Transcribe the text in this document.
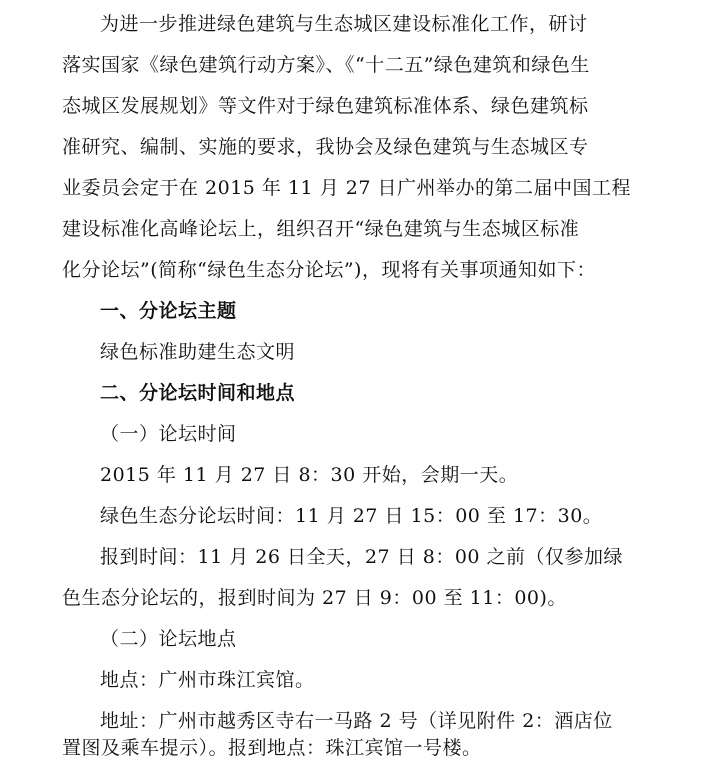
为进一步推进绿色建筑与生态城区建设标准化工作，研讨
落实国家《绿色建筑行动方案》、《“十二五”绿色建筑和绿色生
态城区发展规划》等文件对于绿色建筑标准体系、绿色建筑标
准研究、编制、实施的要求，我协会及绿色建筑与生态城区专
业委员会定于在 2015 年 11 月 27 日广州举办的第二届中国工程
建设标准化高峰论坛上，组织召开“绿色建筑与生态城区标准
化分论坛”(简称“绿色生态分论坛”)，现将有关事项通知如下：
一、分论坛主题
绿色标准助建生态文明
二、分论坛时间和地点
（一）论坛时间
2015 年 11 月 27 日 8：30 开始，会期一天。
绿色生态分论坛时间：11 月 27 日 15：00 至 17：30。
报到时间：11 月 26 日全天，27 日 8：00 之前（仅参加绿
色生态分论坛的，报到时间为 27 日 9：00 至 11：00)。
（二）论坛地点
地点：广州市珠江宾馆。
地址：广州市越秀区寺右一马路 2 号（详见附件 2：酒店位
置图及乘车提示）。报到地点：珠江宾馆一号楼。
